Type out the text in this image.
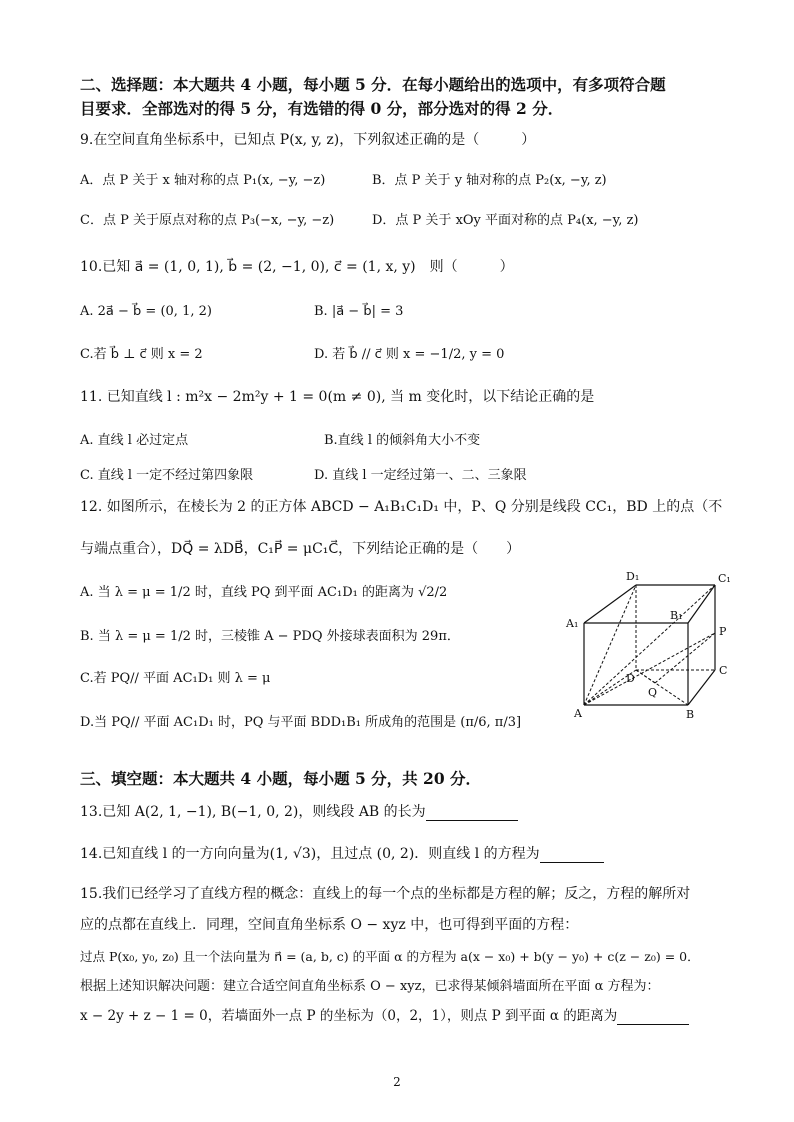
二、选择题：本大题共 4 小题，每小题 5 分．在每小题给出的选项中，有多项符合题
目要求．全部选对的得 5 分，有选错的得 0 分，部分选对的得 2 分．
9.在空间直角坐标系中，已知点 P(x, y, z)，下列叙述正确的是（　　　）
A．点 P 关于 x 轴对称的点 P₁(x, −y, −z)	B．点 P 关于 y 轴对称的点 P₂(x, −y, z)
C．点 P 关于原点对称的点 P₃(−x, −y, −z)	D．点 P 关于 xOy 平面对称的点 P₄(x, −y, z)
10.已知 a⃗ = (1, 0, 1), b⃗ = (2, −1, 0), c⃗ = (1, x, y)　则（　　　）
A. 2a⃗ − b⃗ = (0, 1, 2)	B. |a⃗ − b⃗| = 3
C.若 b⃗ ⊥ c⃗ 则 x = 2	D. 若 b⃗ // c⃗ 则 x = −1/2, y = 0
11. 已知直线 l : m²x − 2m²y + 1 = 0(m ≠ 0), 当 m 变化时，以下结论正确的是
A. 直线 l 必过定点	B.直线 l 的倾斜角大小不变
C. 直线 l 一定不经过第四象限	D. 直线 l 一定经过第一、二、三象限
12. 如图所示，在棱长为 2 的正方体 ABCD − A₁B₁C₁D₁ 中，P、Q 分别是线段 CC₁，BD 上的点（不
与端点重合），DQ⃗ = λDB⃗，C₁P⃗ = μC₁C⃗，下列结论正确的是（　　）
A. 当 λ = μ = 1/2 时，直线 PQ 到平面 AC₁D₁ 的距离为 √2/2
B. 当 λ = μ = 1/2 时，三棱锥 A − PDQ 外接球表面积为 29π．
C.若 PQ// 平面 AC₁D₁ 则 λ = μ
D.当 PQ// 平面 AC₁D₁ 时，PQ 与平面 BDD₁B₁ 所成角的范围是 (π/6, π/3]
D₁	C₁
A₁
B₁
P
C
D
Q
A	B
三、填空题：本大题共 4 小题，每小题 5 分，共 20 分．
13.已知 A(2, 1, −1), B(−1, 0, 2)，则线段 AB 的长为
14.已知直线 l 的一方向向量为(1, √3)，且过点 (0, 2)．则直线 l 的方程为
15.我们已经学习了直线方程的概念：直线上的每一个点的坐标都是方程的解；反之，方程的解所对
应的点都在直线上．同理，空间直角坐标系 O − xyz 中，也可得到平面的方程：
过点 P(x₀, y₀, z₀) 且一个法向量为 n⃗ = (a, b, c) 的平面 α 的方程为 a(x − x₀) + b(y − y₀) + c(z − z₀) = 0．
根据上述知识解决问题：建立合适空间直角坐标系 O − xyz，已求得某倾斜墙面所在平面 α 方程为：
x − 2y + z − 1 = 0，若墙面外一点 P 的坐标为（0，2，1），则点 P 到平面 α 的距离为
2
